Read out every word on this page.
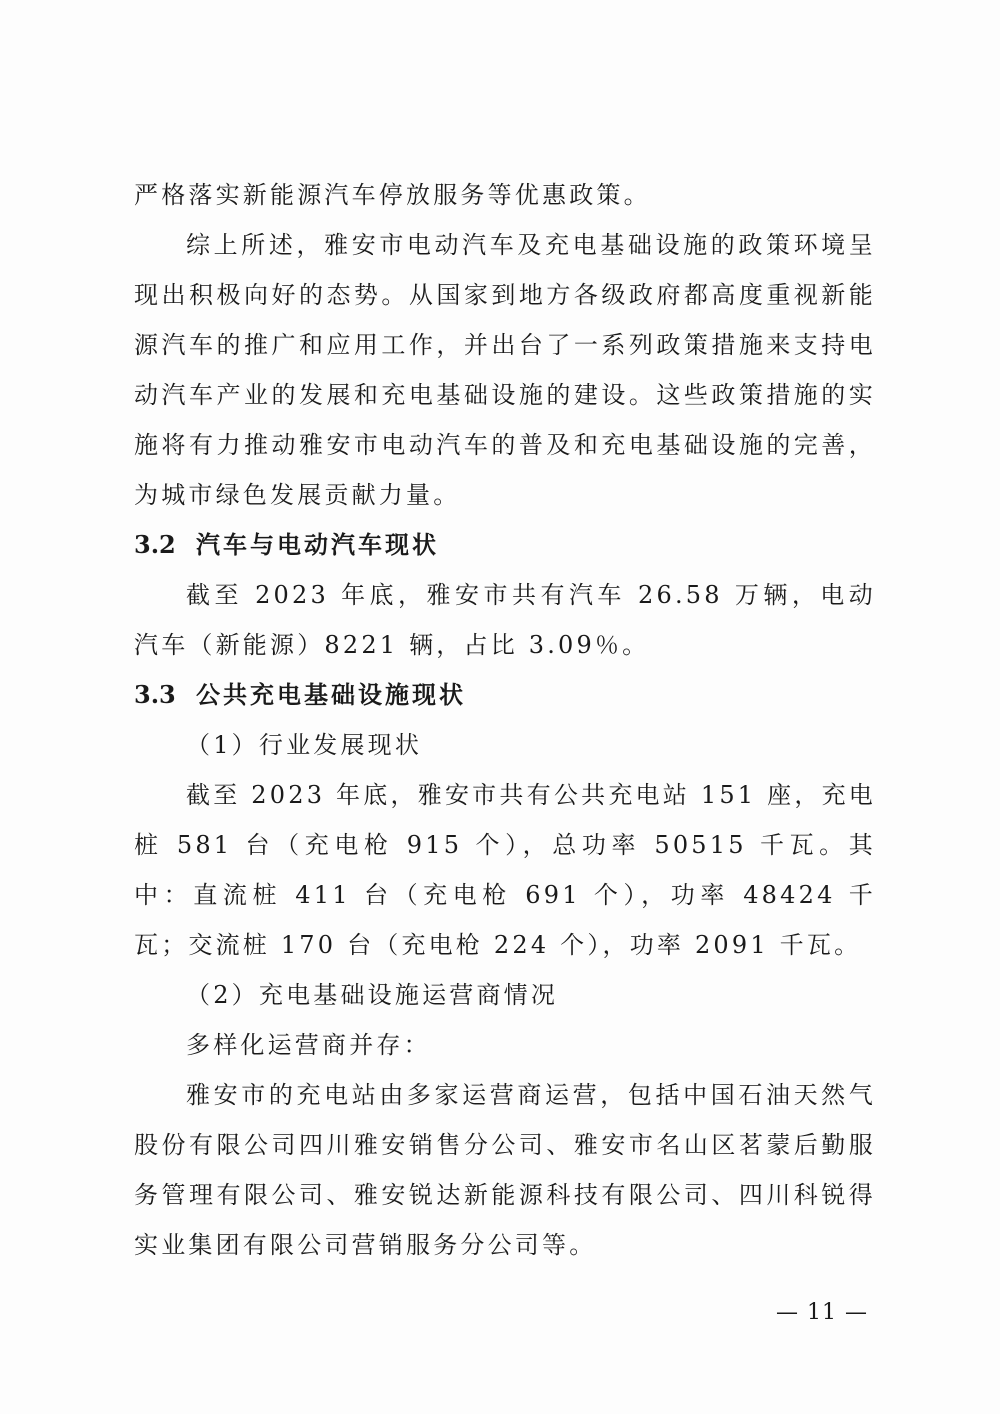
严格落实新能源汽车停放服务等优惠政策。

综上所述，雅安市电动汽车及充电基础设施的政策环境呈现出积极向好的态势。从国家到地方各级政府都高度重视新能源汽车的推广和应用工作，并出台了一系列政策措施来支持电动汽车产业的发展和充电基础设施的建设。这些政策措施的实施将有力推动雅安市电动汽车的普及和充电基础设施的完善，为城市绿色发展贡献力量。

3.2 汽车与电动汽车现状

截至 2023 年底，雅安市共有汽车 26.58 万辆，电动汽车（新能源）8221 辆，占比 3.09％。

3.3 公共充电基础设施现状

（1）行业发展现状

截至 2023 年底，雅安市共有公共充电站 151 座，充电桩 581 台（充电枪 915 个），总功率 50515 千瓦。其中：直流桩 411 台（充电枪 691 个），功率 48424 千瓦；交流桩 170 台（充电枪 224 个），功率 2091 千瓦。

（2）充电基础设施运营商情况

多样化运营商并存：

雅安市的充电站由多家运营商运营，包括中国石油天然气股份有限公司四川雅安销售分公司、雅安市名山区茗蒙后勤服务管理有限公司、雅安锐达新能源科技有限公司、四川科锐得实业集团有限公司营销服务分公司等。

— 11 —
